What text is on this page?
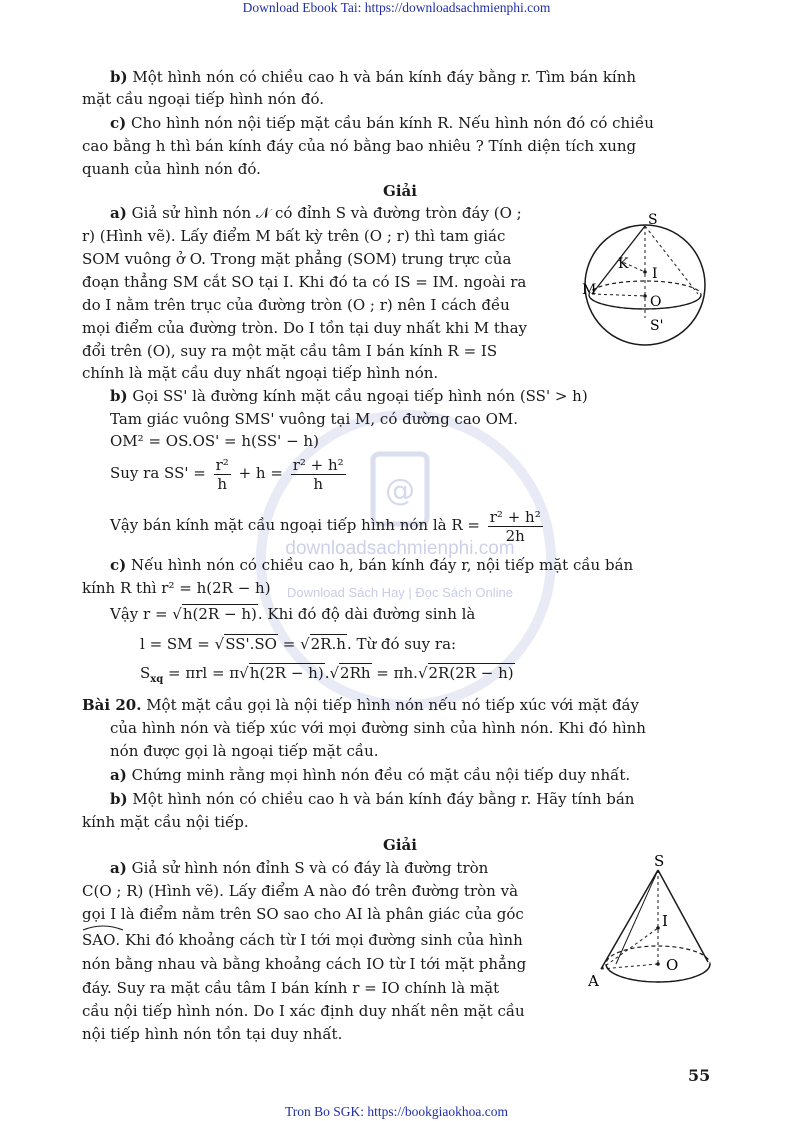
Download Ebook Tai: https://downloadsachmienphi.com
@
downloadsachmienphi.com
Download Sách Hay | Đọc Sách Online
b) Một hình nón có chiều cao h và bán kính đáy bằng r. Tìm bán kính
mặt cầu ngoại tiếp hình nón đó.
c) Cho hình nón nội tiếp mặt cầu bán kính R. Nếu hình nón đó có chiều
cao bằng h thì bán kính đáy của nó bằng bao nhiêu ? Tính diện tích xung
quanh của hình nón đó.
Giải
a) Giả sử hình nón 𝒩 có đỉnh S và đường tròn đáy (O ;
r) (Hình vẽ). Lấy điểm M bất kỳ trên (O ; r) thì tam giác
SOM vuông ở O. Trong mặt phẳng (SOM) trung trực của
đoạn thẳng SM cắt SO tại I. Khi đó ta có IS = IM. ngoài ra
do I nằm trên trục của đường tròn (O ; r) nên I cách đều
mọi điểm của đường tròn. Do I tồn tại duy nhất khi M thay
đổi trên (O), suy ra một mặt cầu tâm I bán kính R = IS
chính là mặt cầu duy nhất ngoại tiếp hình nón.
S
K
I
M
O
S'
b) Gọi SS' là đường kính mặt cầu ngoại tiếp hình nón (SS' > h)
Tam giác vuông SMS' vuông tại M, có đường cao OM.
OM² = OS.OS' = h(SS' − h)
Suy ra $SS' = \frac{\text{r²}}{h} + h = \frac{\text{r² + h²}}{h}$
Vậy bán kính mặt cầu ngoại tiếp hình nón là $R = \frac{\text{r² + h²}}{2h}$
c) Nếu hình nón có chiều cao h, bán kính đáy r, nội tiếp mặt cầu bán
kính R thì r² = h(2R − h)
Vậy r = √h(2R − h). Khi đó độ dài đường sinh là
l = SM = √SS'.SO = √2R.h. Từ đó suy ra:
$S_{xq} = \pi rl = \pi√h(2R - h).√2Rh = \pi h.√2R(2R - h)$
Bài 20. Một mặt cầu gọi là nội tiếp hình nón nếu nó tiếp xúc với mặt đáy
của hình nón và tiếp xúc với mọi đường sinh của hình nón. Khi đó hình
nón được gọi là ngoại tiếp mặt cầu.
a) Chứng minh rằng mọi hình nón đều có mặt cầu nội tiếp duy nhất.
b) Một hình nón có chiều cao h và bán kính đáy bằng r. Hãy tính bán
kính mặt cầu nội tiếp.
Giải
a) Giả sử hình nón đỉnh S và có đáy là đường tròn
C(O ; R) (Hình vẽ). Lấy điểm A nào đó trên đường tròn và
gọi I là điểm nằm trên SO sao cho AI là phân giác của góc
SAO
. Khi đó khoảng cách từ I tới mọi đường sinh của hình
nón bằng nhau và bằng khoảng cách IO từ I tới mặt phẳng
đáy. Suy ra mặt cầu tâm I bán kính r = IO chính là mặt
cầu nội tiếp hình nón. Do I xác định duy nhất nên mặt cầu
nội tiếp hình nón tồn tại duy nhất.
S
I
O
A
55
Tron Bo SGK: https://bookgiaokhoa.com
